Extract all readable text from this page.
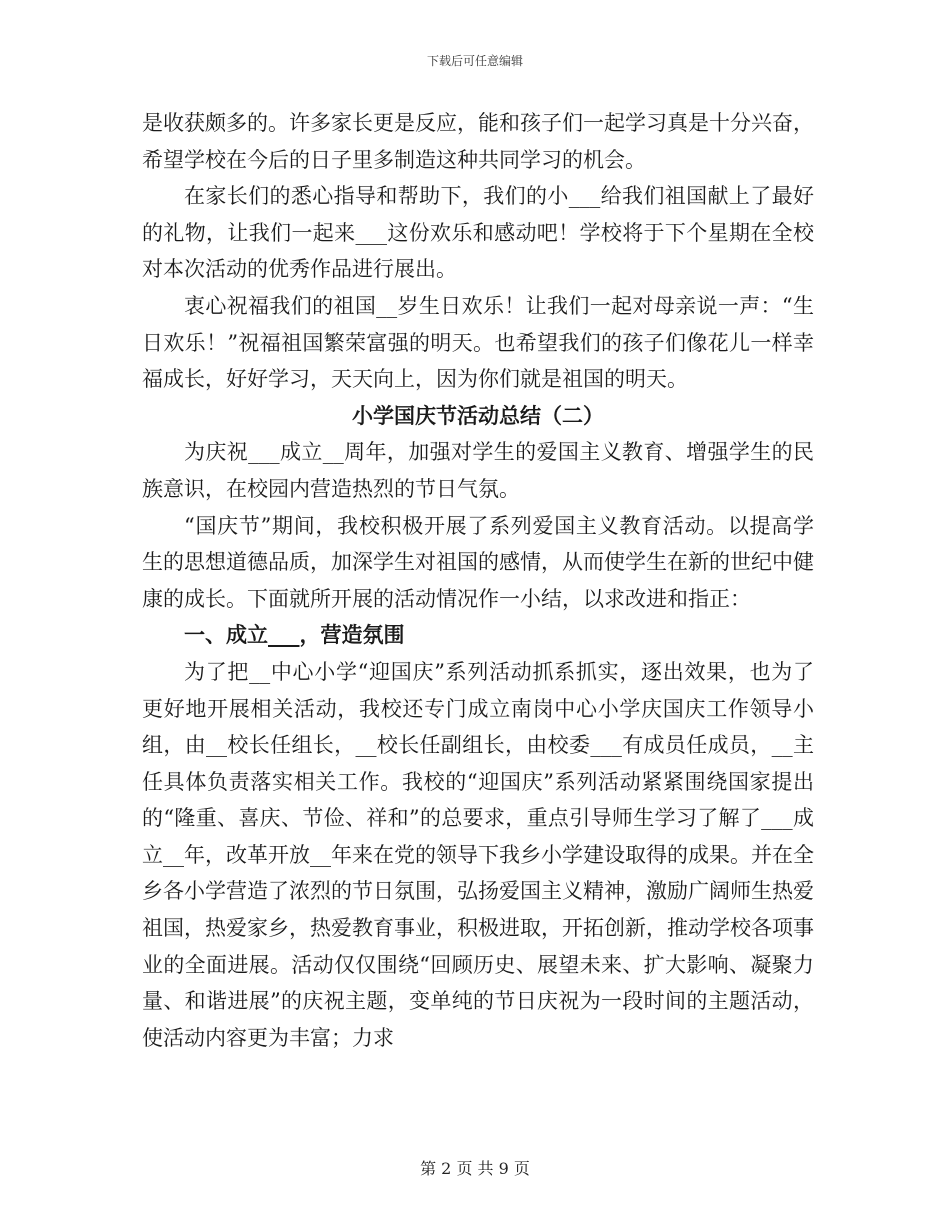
下载后可任意编辑

是收获颇多的。许多家长更是反应，能和孩子们一起学习真是十分兴奋，希望学校在今后的日子里多制造这种共同学习的机会。

在家长们的悉心指导和帮助下，我们的小___给我们祖国献上了最好的礼物，让我们一起来___这份欢乐和感动吧！学校将于下个星期在全校对本次活动的优秀作品进行展出。

衷心祝福我们的祖国__岁生日欢乐！让我们一起对母亲说一声：“生日欢乐！”祝福祖国繁荣富强的明天。也希望我们的孩子们像花儿一样幸福成长，好好学习，天天向上，因为你们就是祖国的明天。

小学国庆节活动总结（二）

为庆祝___成立__周年，加强对学生的爱国主义教育、增强学生的民族意识，在校园内营造热烈的节日气氛。

“国庆节”期间，我校积极开展了系列爱国主义教育活动。以提高学生的思想道德品质，加深学生对祖国的感情，从而使学生在新的世纪中健康的成长。下面就所开展的活动情况作一小结，以求改进和指正：

一、成立___，营造氛围

为了把__中心小学“迎国庆”系列活动抓系抓实，逐出效果，也为了更好地开展相关活动，我校还专门成立南岗中心小学庆国庆工作领导小组，由__校长任组长，__校长任副组长，由校委___有成员任成员，__主任具体负责落实相关工作。我校的“迎国庆”系列活动紧紧围绕国家提出的“隆重、喜庆、节俭、祥和”的总要求，重点引导师生学习了解了___成立__年，改革开放__年来在党的领导下我乡小学建设取得的成果。并在全乡各小学营造了浓烈的节日氛围，弘扬爱国主义精神，激励广阔师生热爱祖国，热爱家乡，热爱教育事业，积极进取，开拓创新，推动学校各项事业的全面进展。活动仅仅围绕“回顾历史、展望未来、扩大影响、凝聚力量、和谐进展”的庆祝主题，变单纯的节日庆祝为一段时间的主题活动，使活动内容更为丰富；力求

第 2 页 共 9 页
